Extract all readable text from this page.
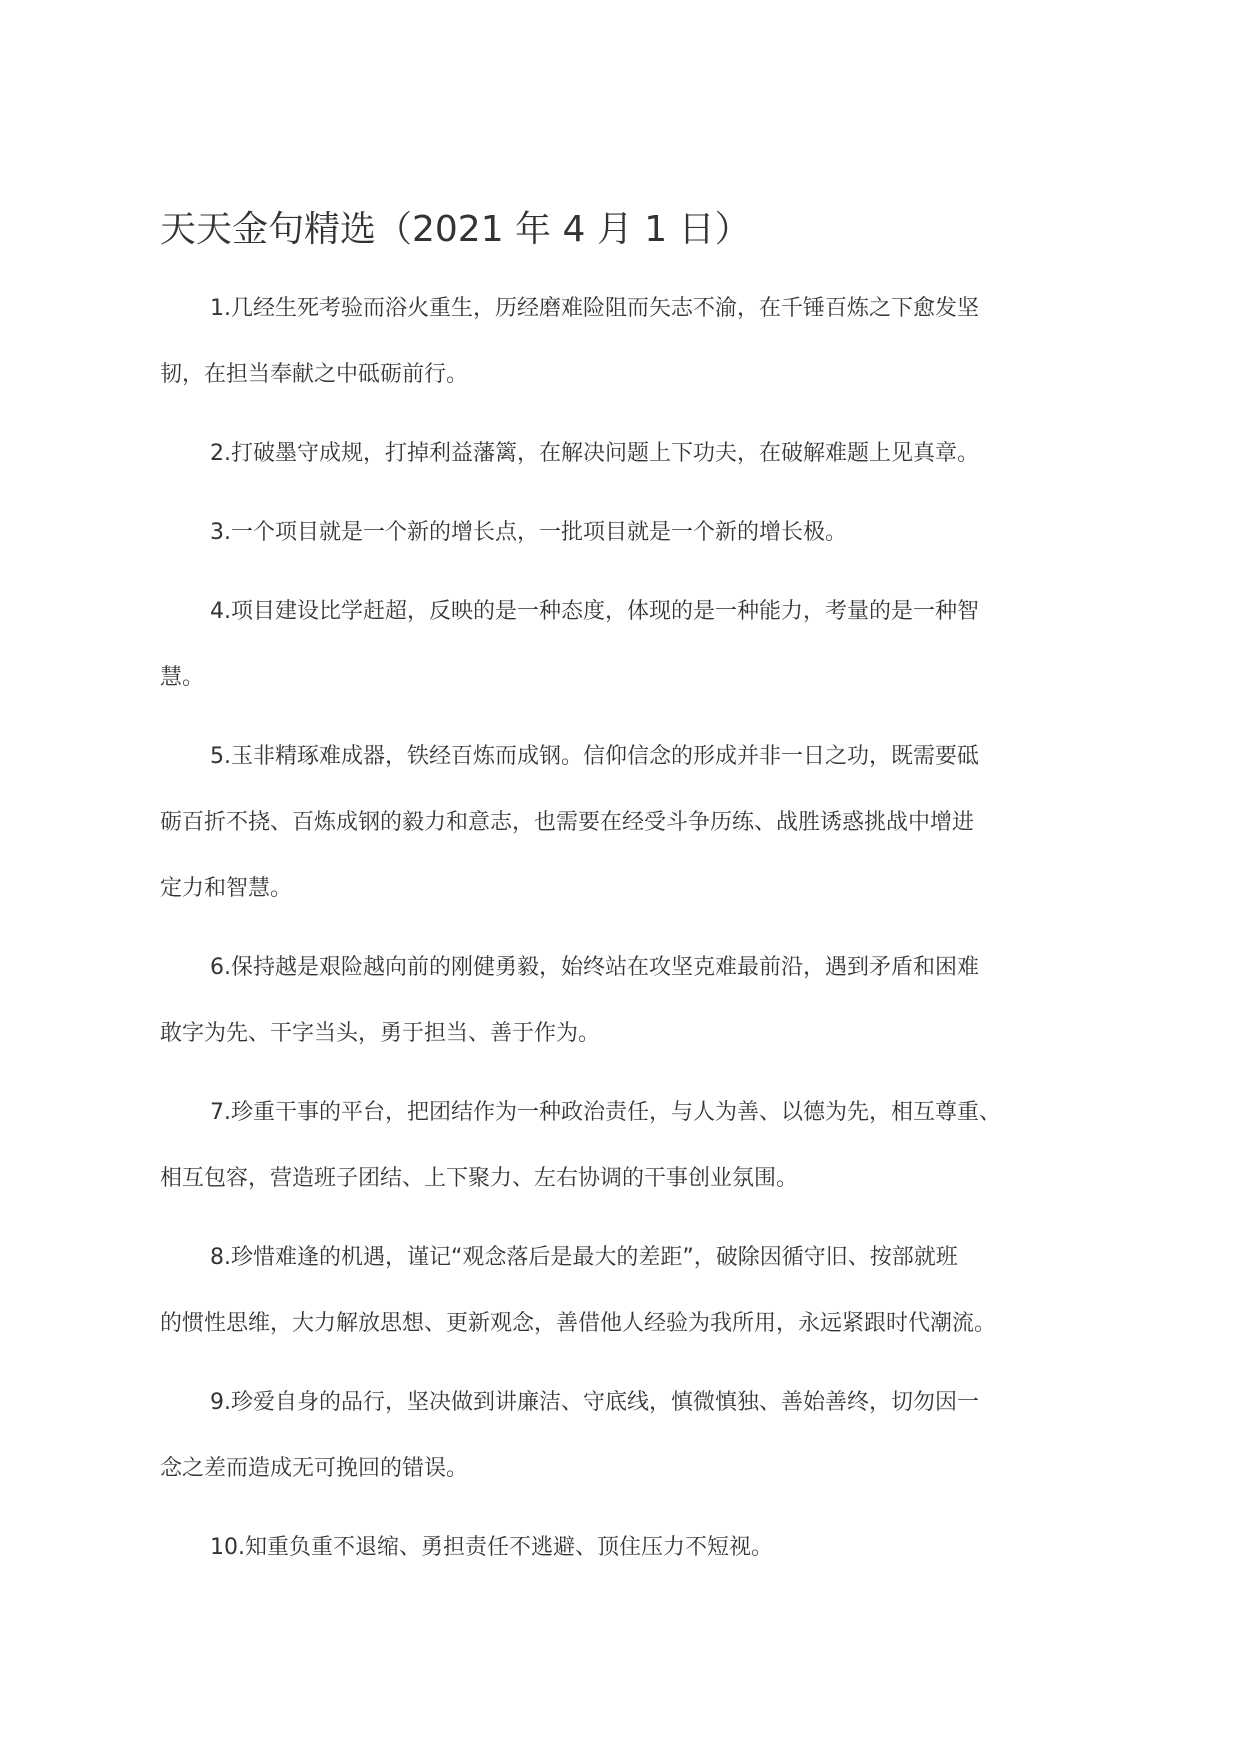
天天金句精选（2021 年 4 月 1 日）

1.几经生死考验而浴火重生，历经磨难险阻而矢志不渝，在千锤百炼之下愈发坚
韧，在担当奉献之中砥砺前行。

2.打破墨守成规，打掉利益藩篱，在解决问题上下功夫，在破解难题上见真章。

3.一个项目就是一个新的增长点，一批项目就是一个新的增长极。

4.项目建设比学赶超，反映的是一种态度，体现的是一种能力，考量的是一种智
慧。

5.玉非精琢难成器，铁经百炼而成钢。信仰信念的形成并非一日之功，既需要砥
砺百折不挠、百炼成钢的毅力和意志，也需要在经受斗争历练、战胜诱惑挑战中增进
定力和智慧。

6.保持越是艰险越向前的刚健勇毅，始终站在攻坚克难最前沿，遇到矛盾和困难
敢字为先、干字当头，勇于担当、善于作为。

7.珍重干事的平台，把团结作为一种政治责任，与人为善、以德为先，相互尊重、
相互包容，营造班子团结、上下聚力、左右协调的干事创业氛围。

8.珍惜难逢的机遇，谨记“观念落后是最大的差距”，破除因循守旧、按部就班
的惯性思维，大力解放思想、更新观念，善借他人经验为我所用，永远紧跟时代潮流。

9.珍爱自身的品行，坚决做到讲廉洁、守底线，慎微慎独、善始善终，切勿因一
念之差而造成无可挽回的错误。

10.知重负重不退缩、勇担责任不逃避、顶住压力不短视。
